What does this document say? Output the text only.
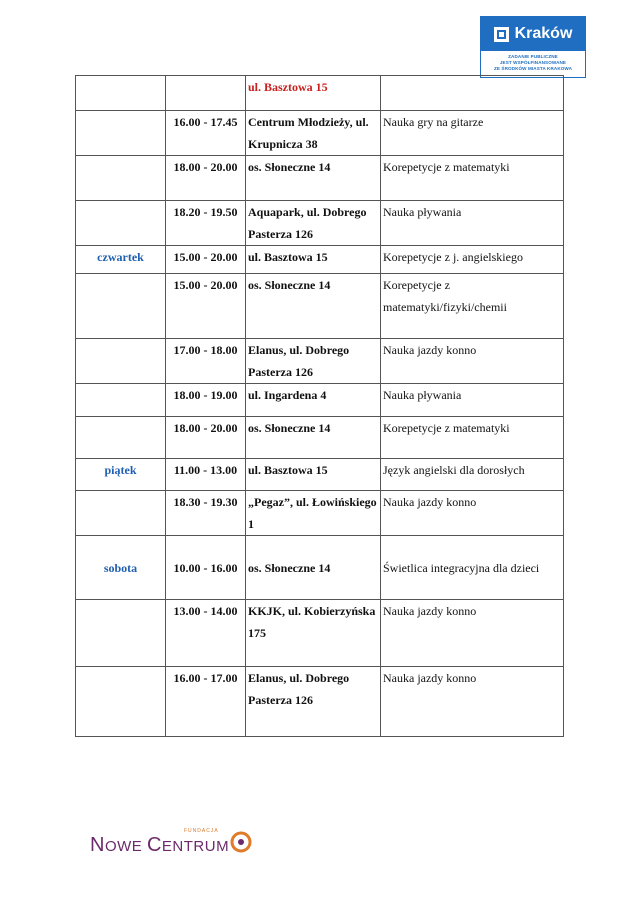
Kraków
ZADANIE PUBLICZNE
JEST WSPÓŁFINANSOWANE
ZE ŚRODKÓW MIASTA KRAKOWA
		ul. Basztowa 15	
	16.00 - 17.45	Centrum Młodzieży, ul. Krupnicza 38	Nauka gry na gitarze
	18.00 - 20.00	os. Słoneczne 14	Korepetycje z matematyki
	18.20 - 19.50	Aquapark, ul. Dobrego Pasterza 126	Nauka pływania
czwartek	15.00 - 20.00	ul. Basztowa 15	Korepetycje z j. angielskiego
	15.00 - 20.00	os. Słoneczne 14	Korepetycje z matematyki/fizyki/chemii
	17.00 - 18.00	Elanus, ul. Dobrego Pasterza 126	Nauka jazdy konno
	18.00 - 19.00	ul. Ingardena 4	Nauka pływania
	18.00 - 20.00	os. Słoneczne 14	Korepetycje z matematyki
piątek	11.00 - 13.00	ul. Basztowa 15	Język angielski dla dorosłych
	18.30 - 19.30	„Pegaz”, ul. Łowińskiego 1	Nauka jazdy konno
sobota	10.00 - 16.00	os. Słoneczne 14	Świetlica integracyjna dla dzieci
	13.00 - 14.00	KKJK, ul. Kobierzyńska 175	Nauka jazdy konno
	16.00 - 17.00	Elanus, ul. Dobrego Pasterza 126	Nauka jazdy konno
FUNDACJA
NOWE CENTRUM
